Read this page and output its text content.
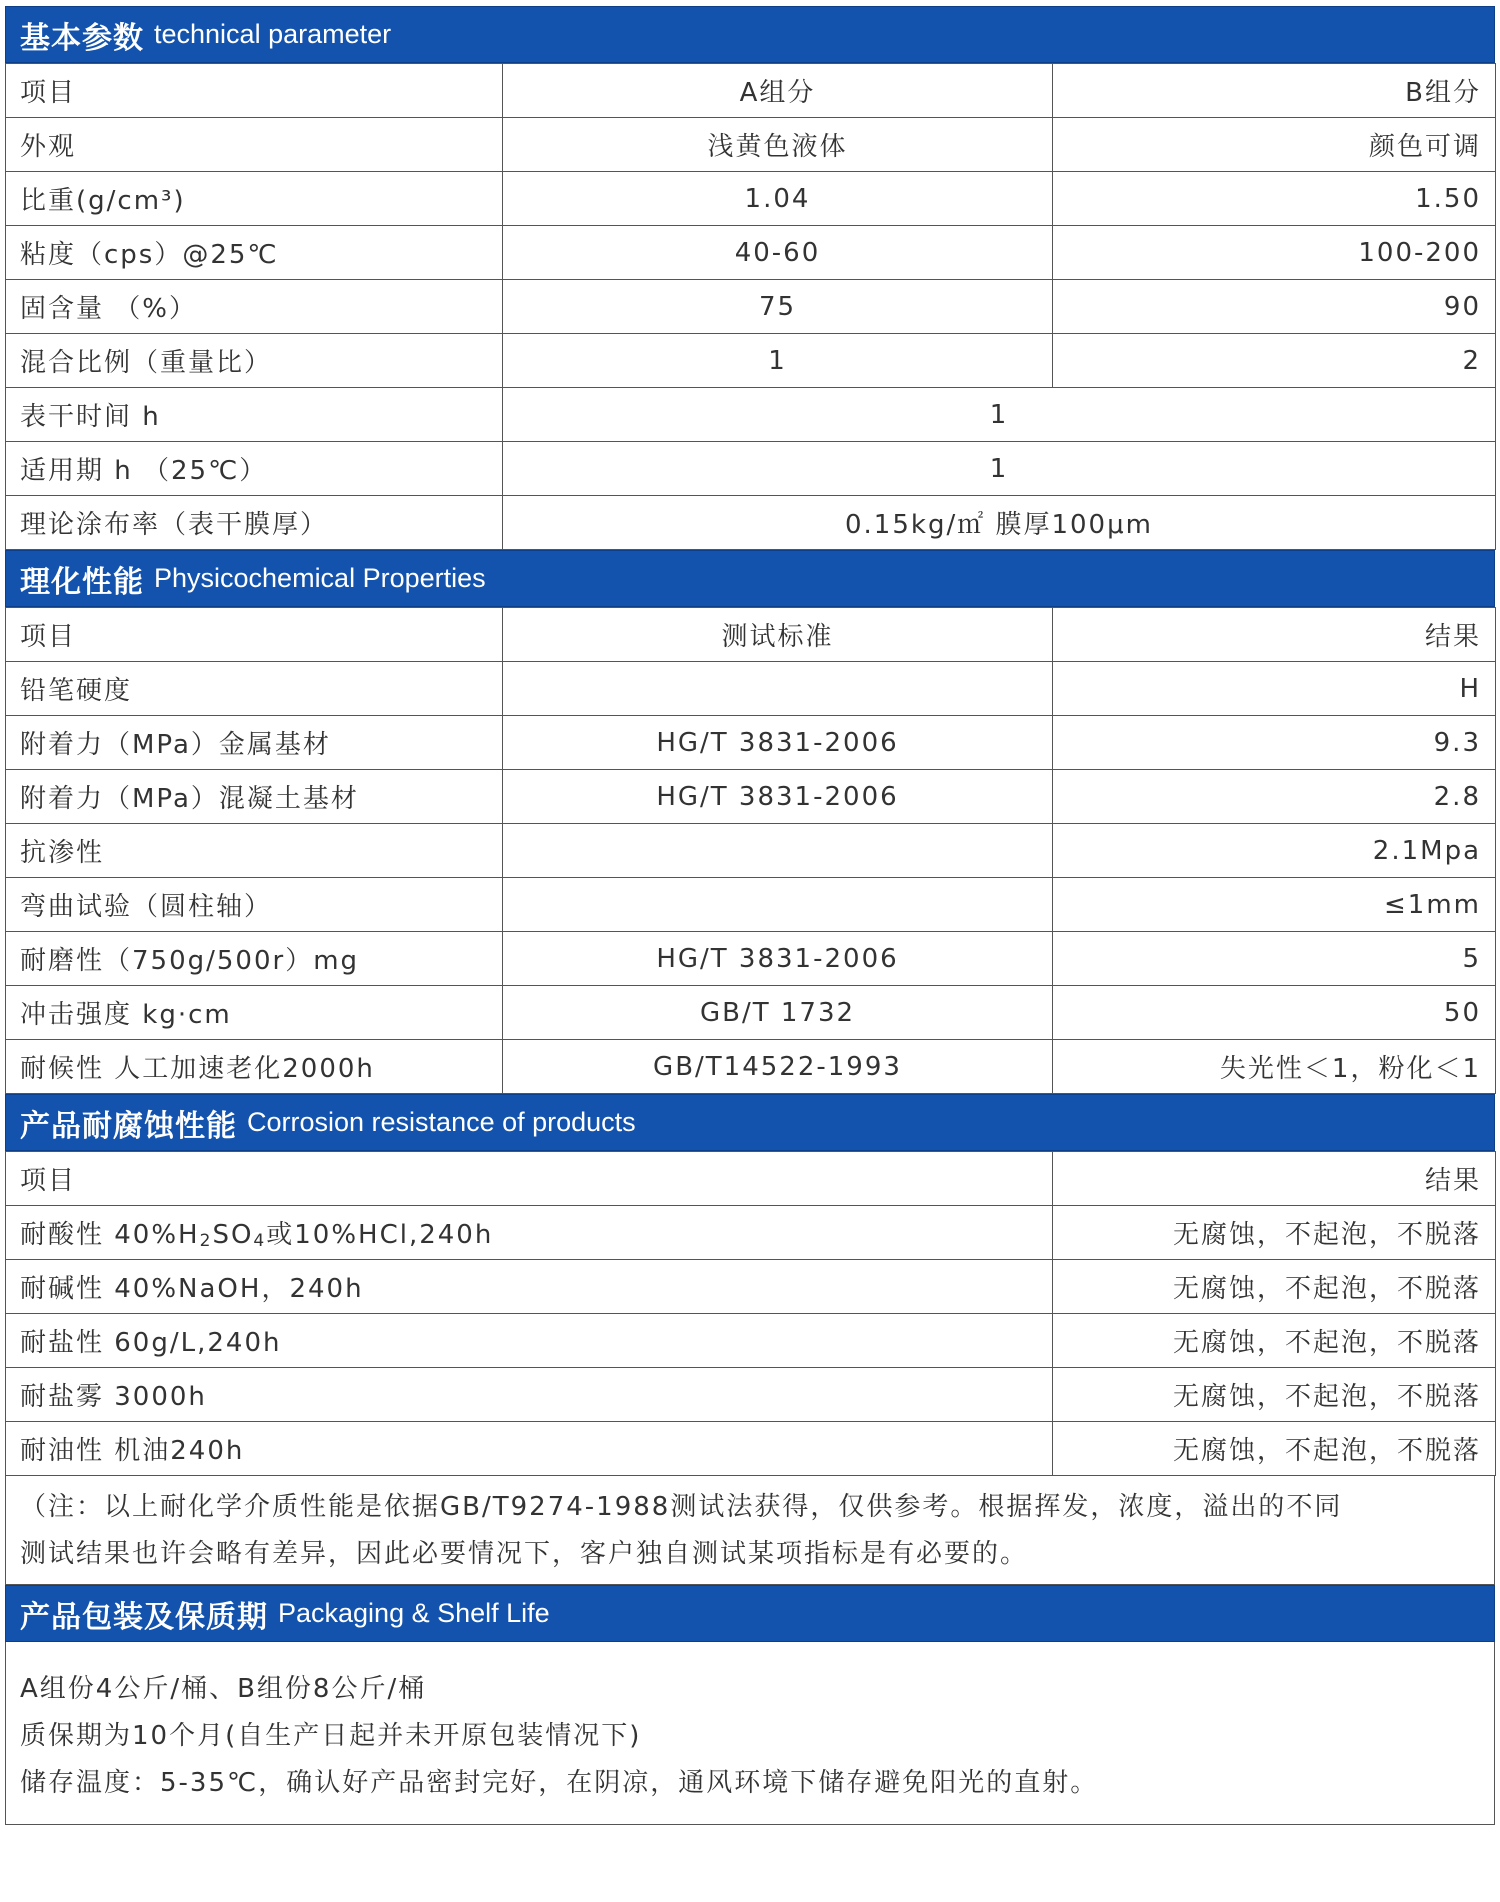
基本参数 technical parameter
项目	A组分	B组分
外观	浅黄色液体	颜色可调
比重(g/cm³)	1.04	1.50
粘度（cps）@25℃	40-60	100-200
固含量 （%）	75	90
混合比例（重量比）	1	2
表干时间 h	1	
适用期 h （25℃）	1	
理论涂布率（表干膜厚）	0.15kg/㎡ 膜厚100μm	
理化性能 Physicochemical Properties
项目	测试标准	结果
铅笔硬度		H
附着力（MPa）金属基材	HG/T 3831-2006	9.3
附着力（MPa）混凝土基材	HG/T 3831-2006	2.8
抗渗性		2.1Mpa
弯曲试验（圆柱轴）		≤1mm
耐磨性（750g/500r）mg	HG/T 3831-2006	5
冲击强度 kg·cm	GB/T 1732	50
耐候性 人工加速老化2000h	GB/T14522-1993	失光性＜1，粉化＜1
产品耐腐蚀性能 Corrosion resistance of products
项目	结果
耐酸性 $40\%H_2SO_4$或10%HCl,240h	无腐蚀，不起泡，不脱落
耐碱性 40%NaOH，240h	无腐蚀，不起泡，不脱落
耐盐性 60g/L,240h	无腐蚀，不起泡，不脱落
耐盐雾 3000h	无腐蚀，不起泡，不脱落
耐油性 机油240h	无腐蚀，不起泡，不脱落
（注：以上耐化学介质性能是依据GB/T9274-1988测试法获得，仅供参考。根据挥发，浓度，溢出的不同
测试结果也许会略有差异，因此必要情况下，客户独自测试某项指标是有必要的。
产品包装及保质期 Packaging & Shelf Life
A组份4公斤/桶、B组份8公斤/桶
质保期为10个月(自生产日起并未开原包装情况下)
储存温度：5-35℃，确认好产品密封完好，在阴凉，通风环境下储存避免阳光的直射。
